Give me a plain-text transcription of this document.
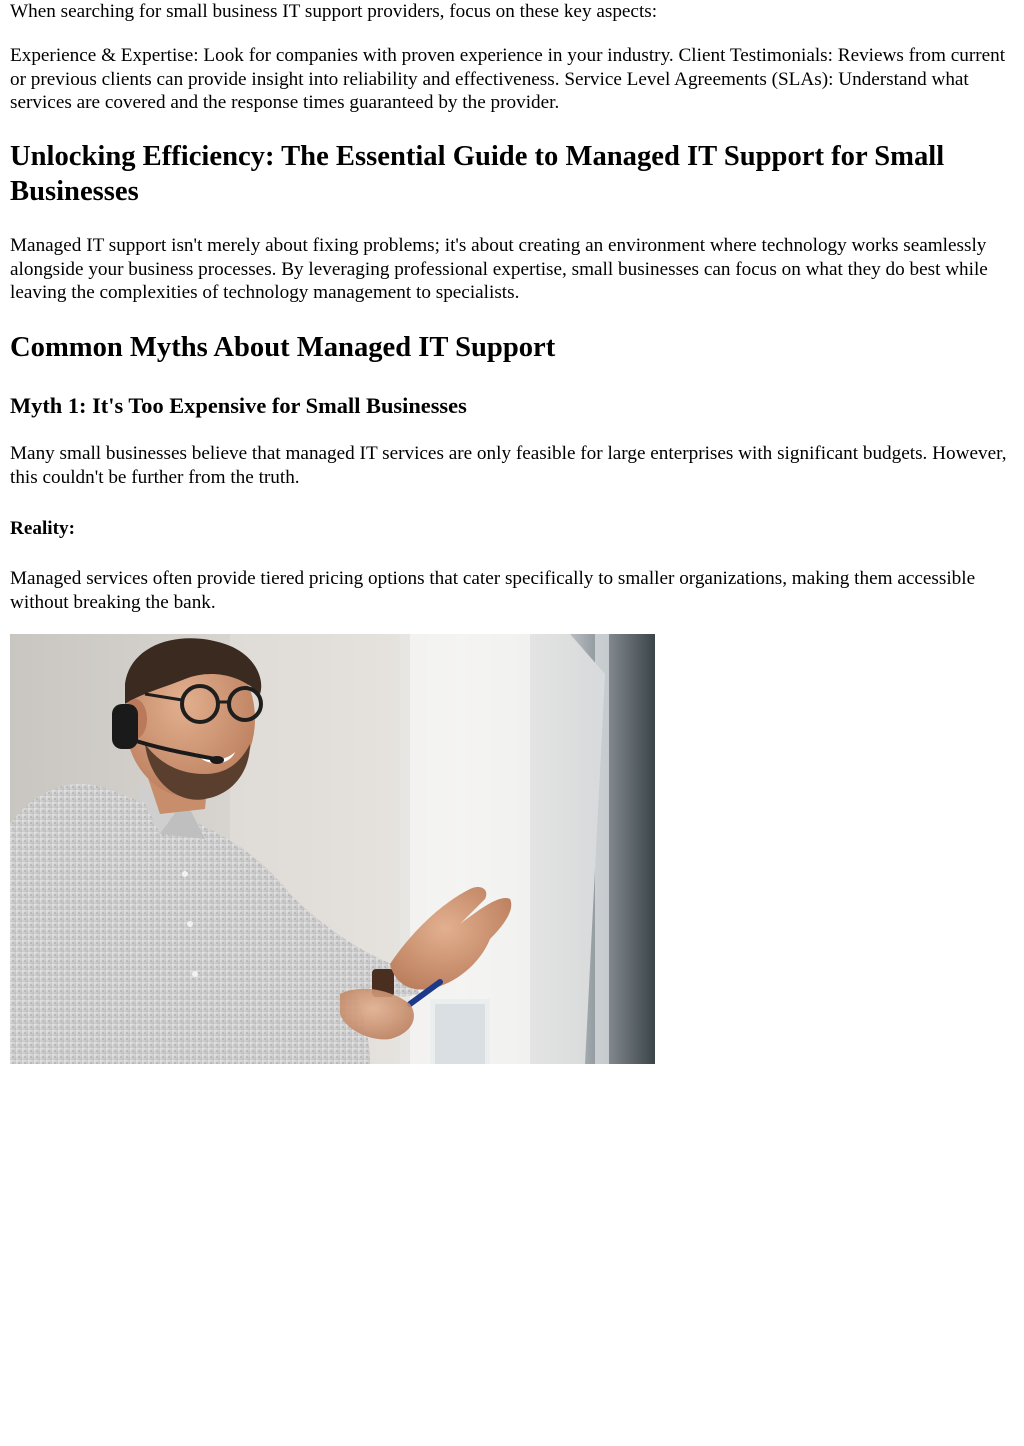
When searching for small business IT support providers, focus on these key aspects:

Experience & Expertise: Look for companies with proven experience in your industry. Client Testimonials: Reviews from current or previous clients can provide insight into reliability and effectiveness. Service Level Agreements (SLAs): Understand what services are covered and the response times guaranteed by the provider.

Unlocking Efficiency: The Essential Guide to Managed IT Support for Small Businesses

Managed IT support isn't merely about fixing problems; it's about creating an environment where technology works seamlessly alongside your business processes. By leveraging professional expertise, small businesses can focus on what they do best while leaving the complexities of technology management to specialists.

Common Myths About Managed IT Support
Myth 1: It's Too Expensive for Small Businesses

Many small businesses believe that managed IT services are only feasible for large enterprises with significant budgets. However, this couldn't be further from the truth.

Reality:

Managed services often provide tiered pricing options that cater specifically to smaller organizations, making them accessible without breaking the bank.
